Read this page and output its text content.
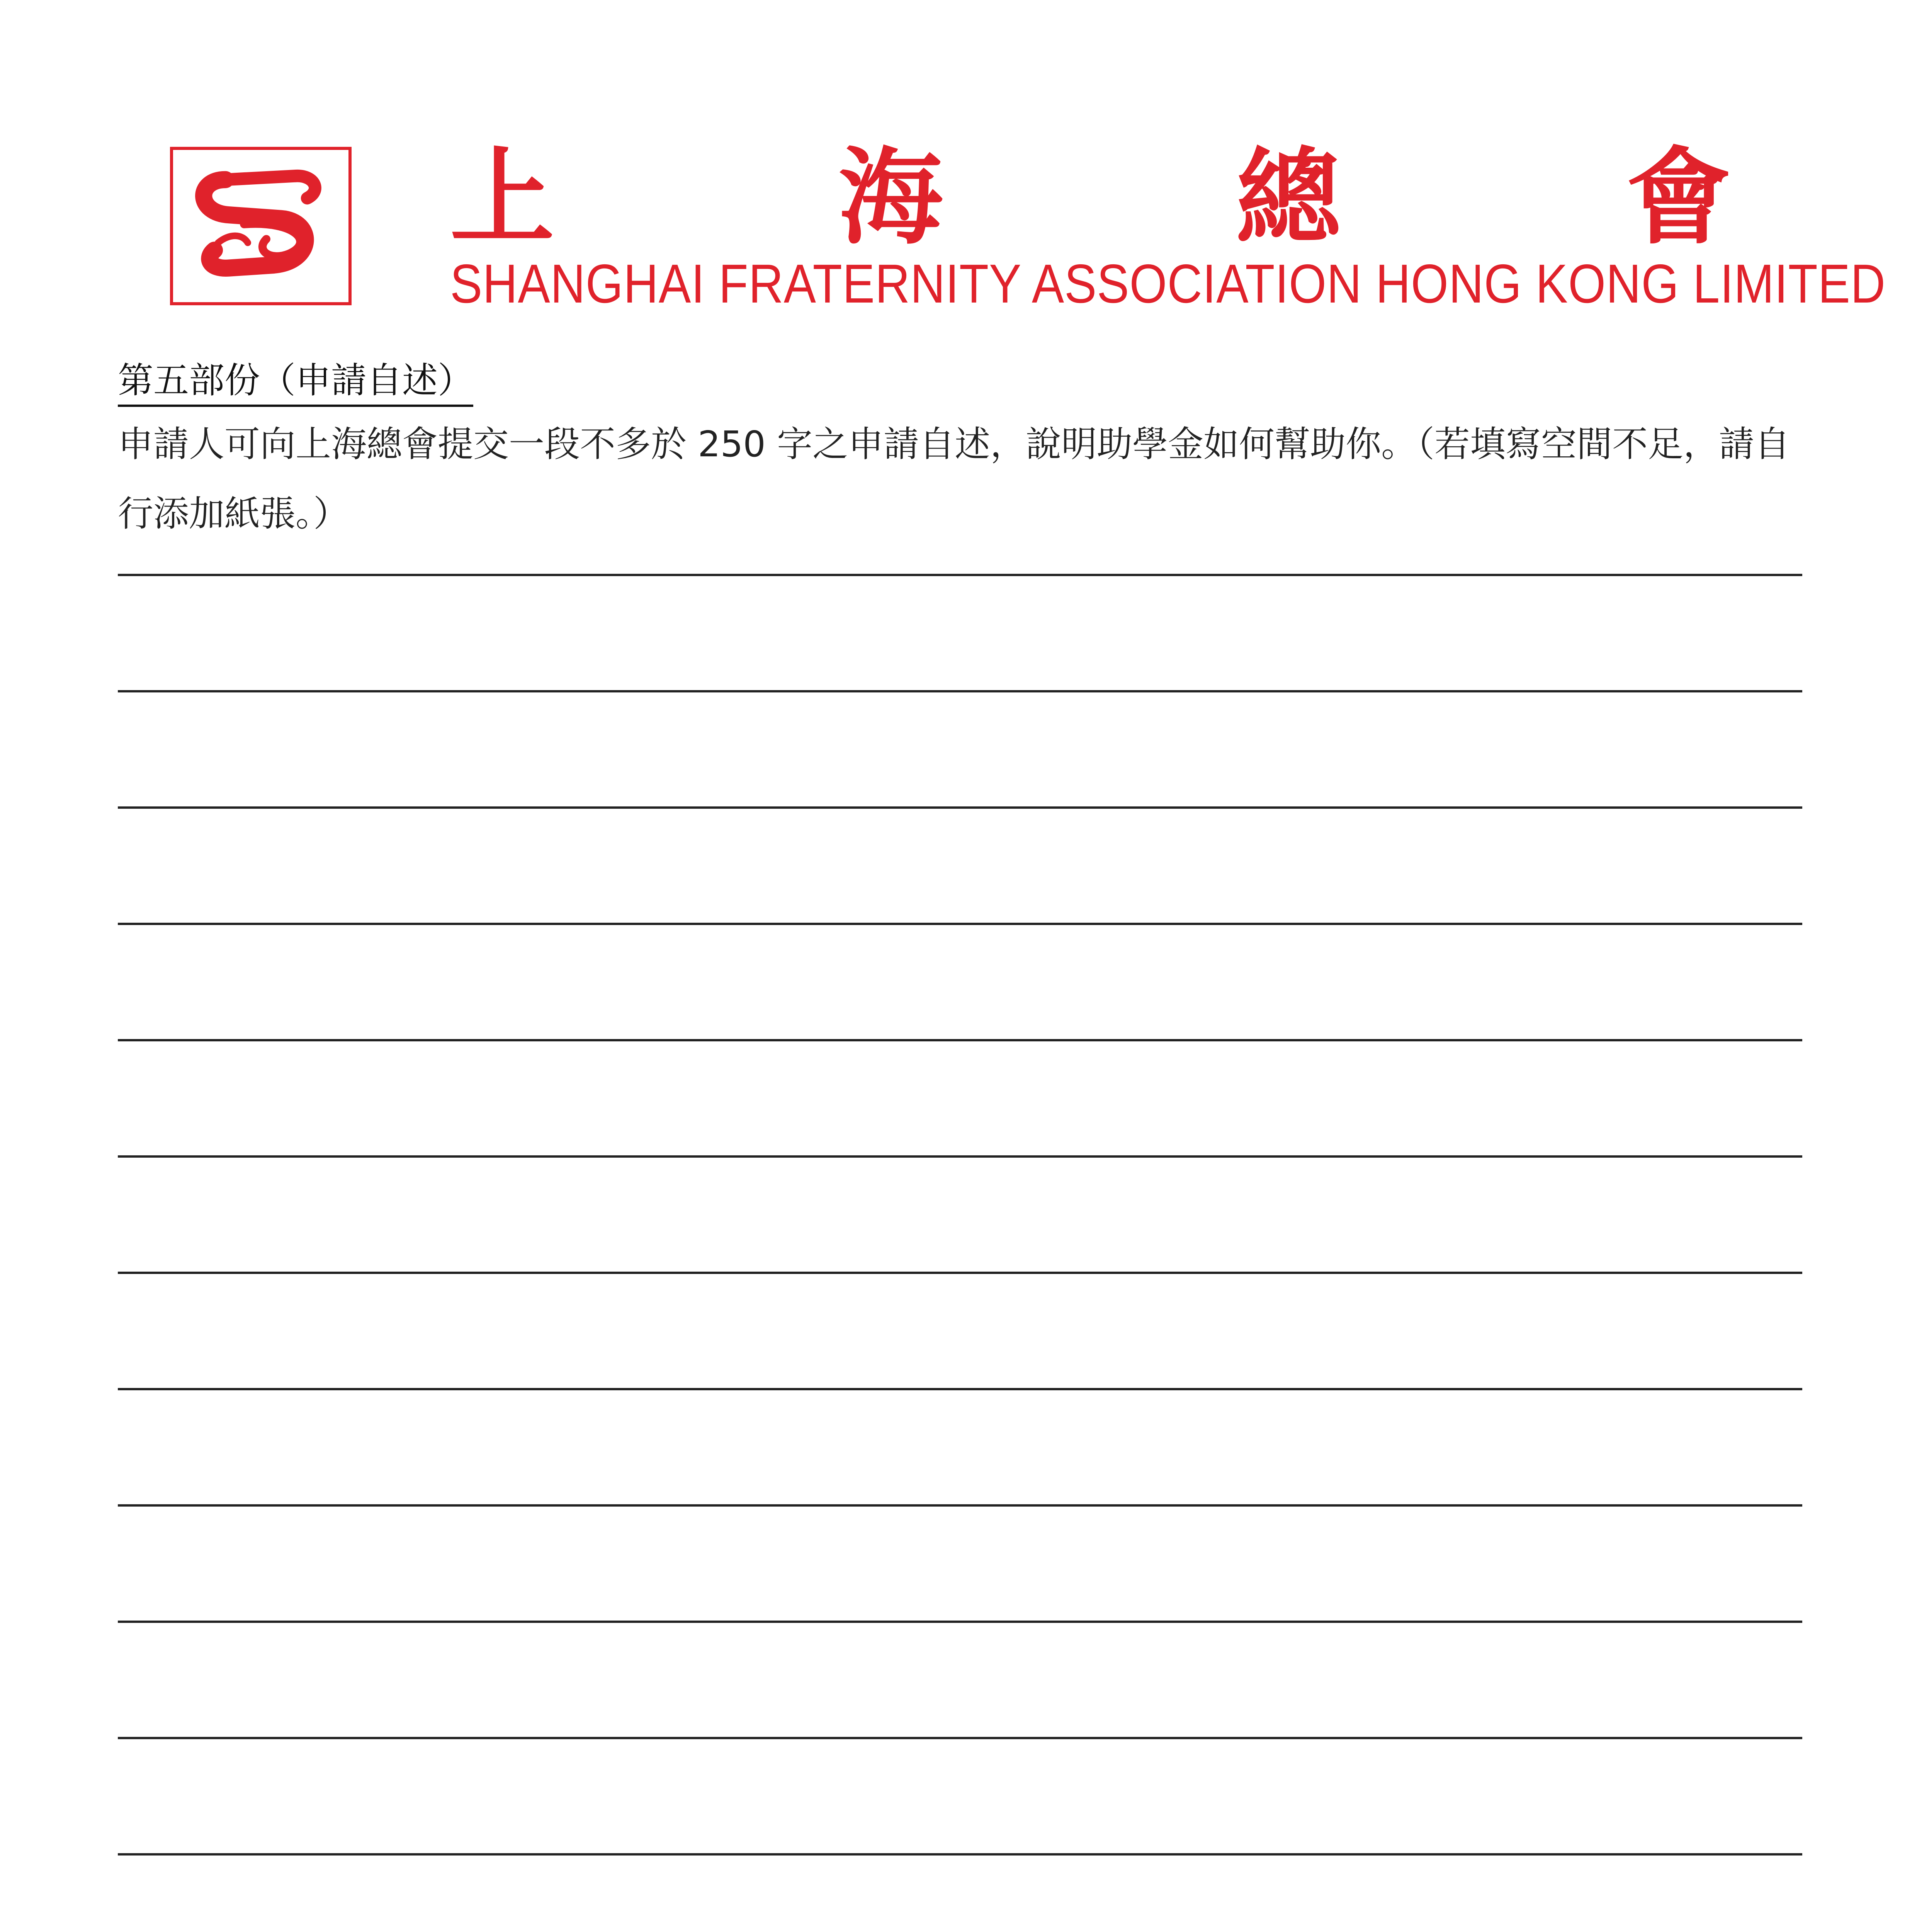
上	海	總	會
SHANGHAI FRATERNITY ASSOCIATION HONG KONG LIMITED
第五部份（申請自述）
申請人可向上海總會提交一段不多於 250 字之申請自述，說明助學金如何幫助你。（若填寫空間不足，請自行添加紙張。）
